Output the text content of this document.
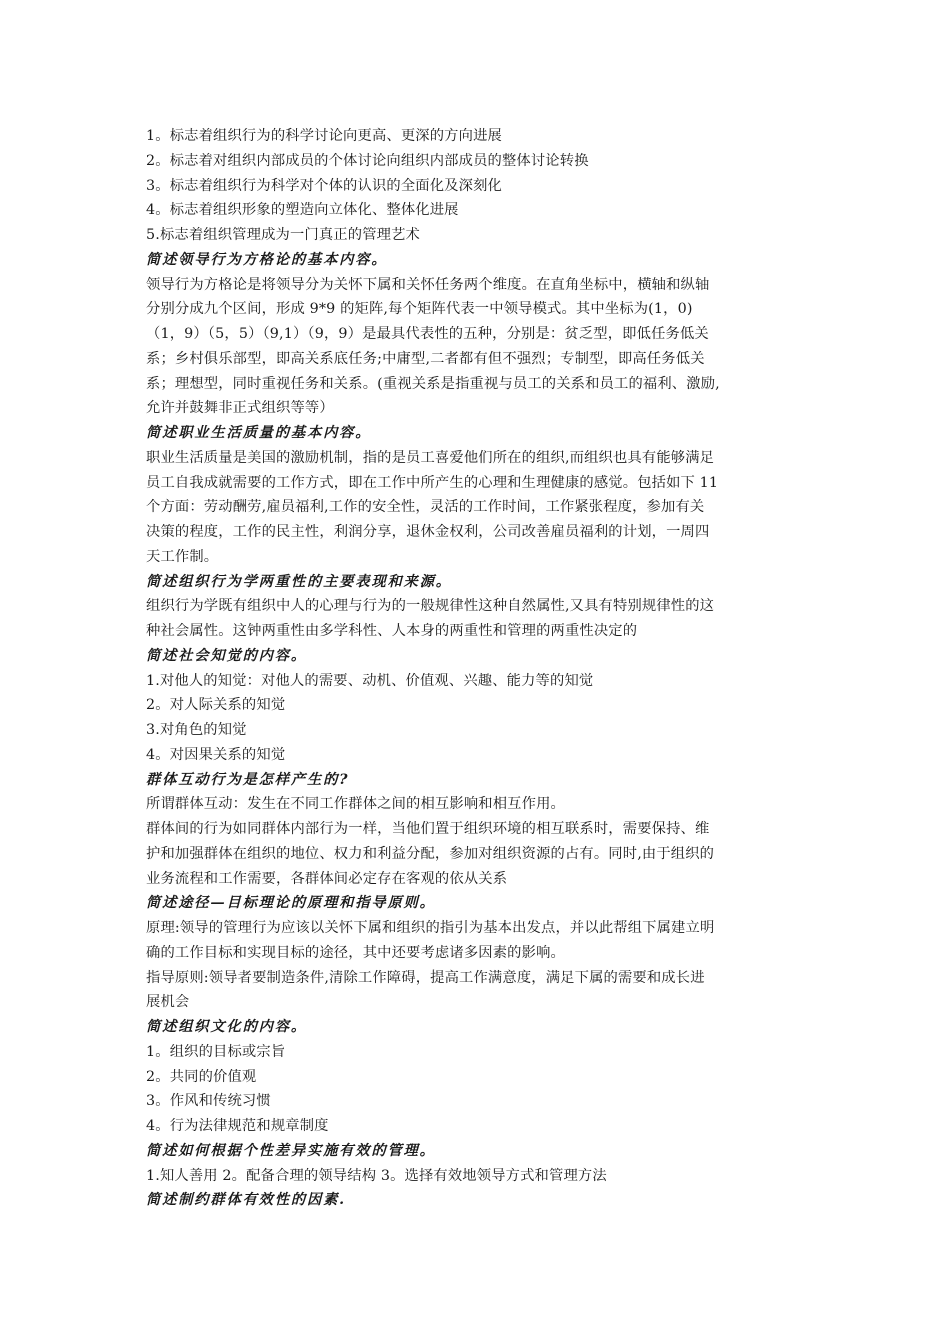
1。标志着组织行为的科学讨论向更高、更深的方向进展
2。标志着对组织内部成员的个体讨论向组织内部成员的整体讨论转换
3。标志着组织行为科学对个体的认识的全面化及深刻化
4。标志着组织形象的塑造向立体化、整体化进展
5.标志着组织管理成为一门真正的管理艺术
简述领导行为方格论的基本内容。
领导行为方格论是将领导分为关怀下属和关怀任务两个维度。在直角坐标中，横轴和纵轴
分别分成九个区间，形成 9*9 的矩阵,每个矩阵代表一中领导模式。其中坐标为(1，0)
（1，9）（5，5）（9,1）（9，9）是最具代表性的五种，分别是：贫乏型，即低任务低关
系；乡村俱乐部型，即高关系底任务;中庸型,二者都有但不强烈；专制型，即高任务低关
系；理想型，同时重视任务和关系。(重视关系是指重视与员工的关系和员工的福利、激励,
允许并鼓舞非正式组织等等）
简述职业生活质量的基本内容。
职业生活质量是美国的激励机制，指的是员工喜爱他们所在的组织,而组织也具有能够满足
员工自我成就需要的工作方式，即在工作中所产生的心理和生理健康的感觉。包括如下 11
个方面：劳动酬劳,雇员福利,工作的安全性，灵活的工作时间，工作紧张程度，参加有关
决策的程度，工作的民主性，利润分享，退休金权利，公司改善雇员福利的计划，一周四
天工作制。
简述组织行为学两重性的主要表现和来源。
组织行为学既有组织中人的心理与行为的一般规律性这种自然属性,又具有特别规律性的这
种社会属性。这钟两重性由多学科性、人本身的两重性和管理的两重性决定的
简述社会知觉的内容。
1.对他人的知觉：对他人的需要、动机、价值观、兴趣、能力等的知觉
2。对人际关系的知觉
3.对角色的知觉
4。对因果关系的知觉
群体互动行为是怎样产生的?
所谓群体互动：发生在不同工作群体之间的相互影响和相互作用。
群体间的行为如同群体内部行为一样，当他们置于组织环境的相互联系时，需要保持、维
护和加强群体在组织的地位、权力和利益分配，参加对组织资源的占有。同时,由于组织的
业务流程和工作需要，各群体间必定存在客观的依从关系
简述途径—目标理论的原理和指导原则。
原理:领导的管理行为应该以关怀下属和组织的指引为基本出发点，并以此帮组下属建立明
确的工作目标和实现目标的途径，其中还要考虑诸多因素的影响。
指导原则:领导者要制造条件,清除工作障碍，提高工作满意度，满足下属的需要和成长进
展机会
简述组织文化的内容。
1。组织的目标或宗旨
2。共同的价值观
3。作风和传统习惯
4。行为法律规范和规章制度
简述如何根据个性差异实施有效的管理。
1.知人善用 2。配备合理的领导结构 3。选择有效地领导方式和管理方法
简述制约群体有效性的因素.
